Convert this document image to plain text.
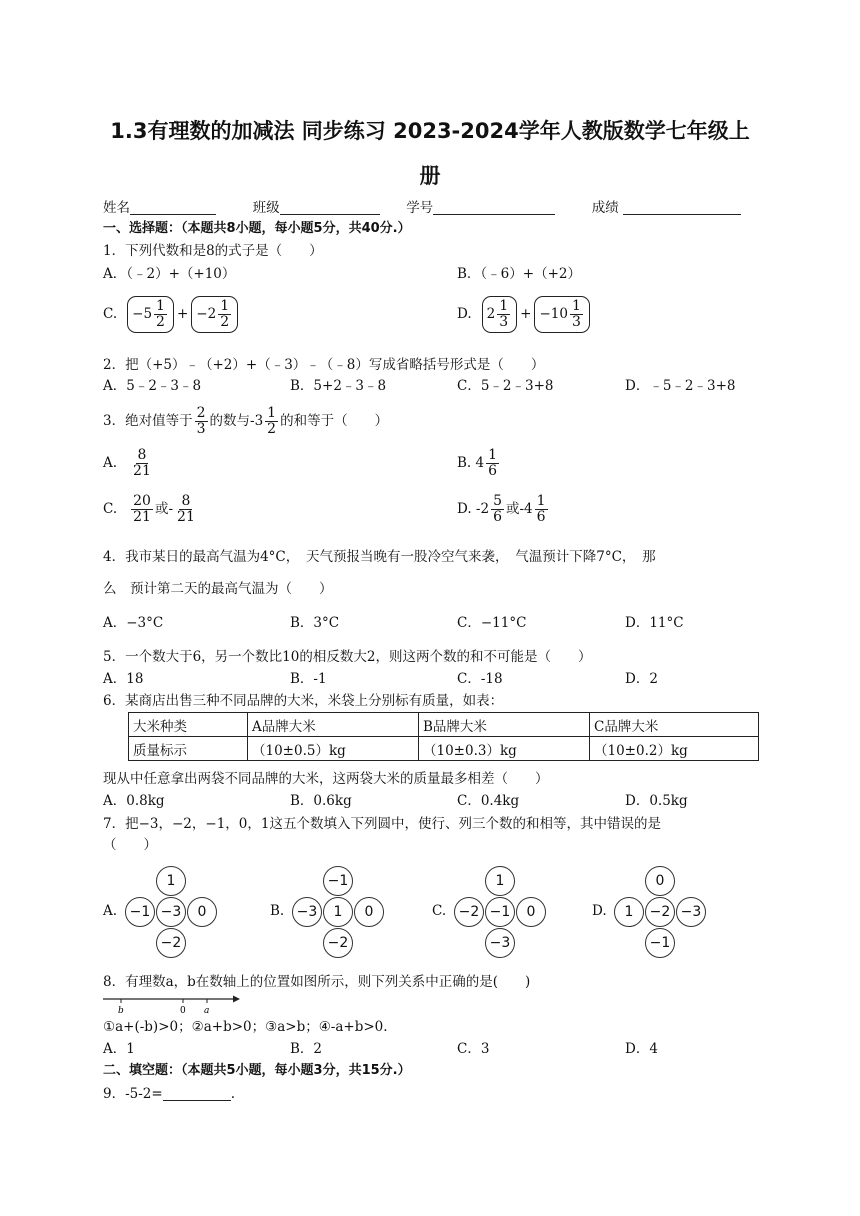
1.3有理数的加减法 同步练习 2023-2024学年人教版数学七年级上
册
姓名	班级	学号	成绩
一、选择题：（本题共8小题，每小题5分，共40分.）
1．下列代数和是8的式子是（　　）
A．（﹣2）+（+10）	B．（﹣6）+（+2）
C. $-5 \frac{1}{2} + -2 \frac{1}{2}$	D. $2 \frac{1}{3} + -10 \frac{1}{3}$
2．把（+5）﹣（+2）+（﹣3）﹣（﹣8）写成省略括号形式是（　　）
A．5﹣2﹣3﹣8	B．5+2﹣3﹣8	C．5﹣2﹣3+8	D．﹣5﹣2﹣3+8
3．绝对值等于 $\frac{2}{3}$ 的数与$-3 \frac{1}{2}$ 的和等于（　　）
A. $\frac{8}{21}$	B. $4 \frac{1}{6}$
C. $\frac{20}{21}$ 或- $\frac{8}{21}$	D. $-2 \frac{5}{6}$ 或$-4 \frac{1}{6}$
4．我市某日的最高气温为4°C，　天气预报当晚有一股冷空气来袭，　气温预计下降7°C，　那
么　预计第二天的最高气温为（　　）
A．−3°C	B．3°C	C．−11°C	D．11°C
5．一个数大于6，另一个数比10的相反数大2，则这两个数的和不可能是（　　）
A．18	B．-1	C．-18	D．2
6．某商店出售三种不同品牌的大米，米袋上分别标有质量，如表：
大米种类	A品牌大米	B品牌大米	C品牌大米
质量标示	（10±0.5）kg	（10±0.3）kg	（10±0.2）kg
现从中任意拿出两袋不同品牌的大米，这两袋大米的质量最多相差（　　）
A．0.8kg	B．0.6kg	C．0.4kg	D．0.5kg
7．把−3，−2，−1，0，1这五个数填入下列圆中，使行、列三个数的和相等，其中错误的是
（　　）
A.
1
−1 −3	0
−2
B.
−1
−3	1	0
−2
C.
1
−2 −1	0
−3
D.
0
1	−2 −3
−1
8．有理数a，b在数轴上的位置如图所示，则下列关系中正确的是(　　)
b	0 a
①a+(-b)>0；②a+b>0；③a>b；④-a+b>0.
A．1	B．2	C．3	D．4
二、填空题：（本题共5小题，每小题3分，共15分.）
9．-5-2=	.
